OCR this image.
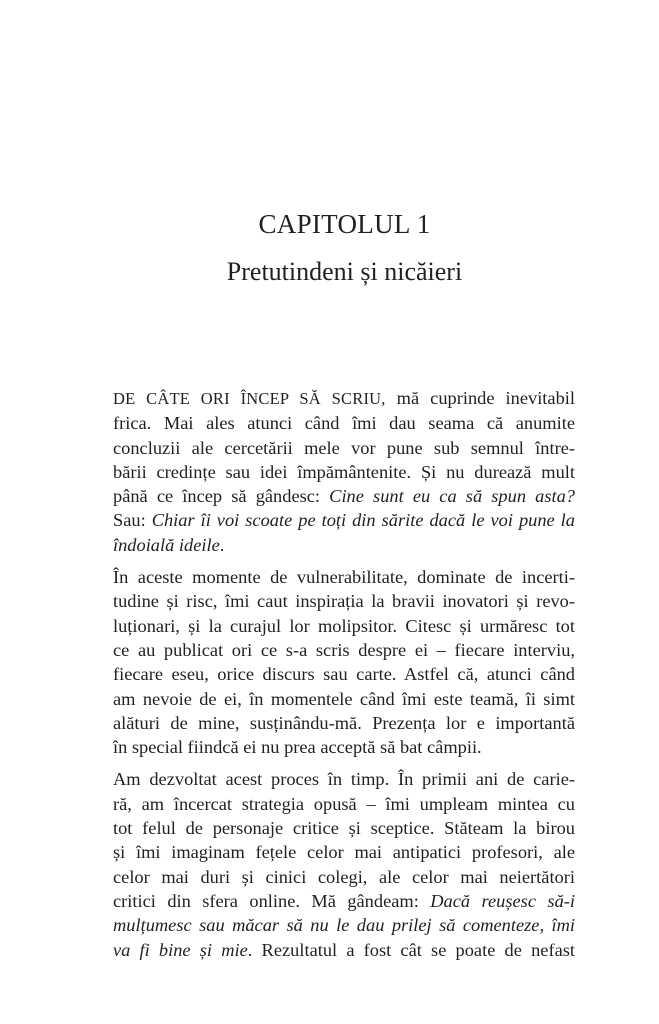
CAPITOLUL 1
Pretutindeni și nicăieri

DE CÂTE ORI ÎNCEP SĂ SCRIU, mă cuprinde inevitabil
frica. Mai ales atunci când îmi dau seama că anumite
concluzii ale cercetării mele vor pune sub semnul între-
bării credințe sau idei împământenite. Și nu durează mult
până ce încep să gândesc: Cine sunt eu ca să spun asta?
Sau: Chiar îi voi scoate pe toți din sărite dacă le voi pune la
îndoială ideile.

În aceste momente de vulnerabilitate, dominate de incerti-
tudine și risc, îmi caut inspirația la bravii inovatori și revo-
luționari, și la curajul lor molipsitor. Citesc și urmăresc tot
ce au publicat ori ce s-a scris despre ei – fiecare interviu,
fiecare eseu, orice discurs sau carte. Astfel că, atunci când
am nevoie de ei, în momentele când îmi este teamă, îi simt
alături de mine, susținându-mă. Prezența lor e importantă
în special fiindcă ei nu prea acceptă să bat câmpii.

Am dezvoltat acest proces în timp. În primii ani de carie-
ră, am încercat strategia opusă – îmi umpleam mintea cu
tot felul de personaje critice și sceptice. Stăteam la birou
și îmi imaginam fețele celor mai antipatici profesori, ale
celor mai duri și cinici colegi, ale celor mai neiertători
critici din sfera online. Mă gândeam: Dacă reușesc să-i
mulțumesc sau măcar să nu le dau prilej să comenteze, îmi
va fi bine și mie. Rezultatul a fost cât se poate de nefast
